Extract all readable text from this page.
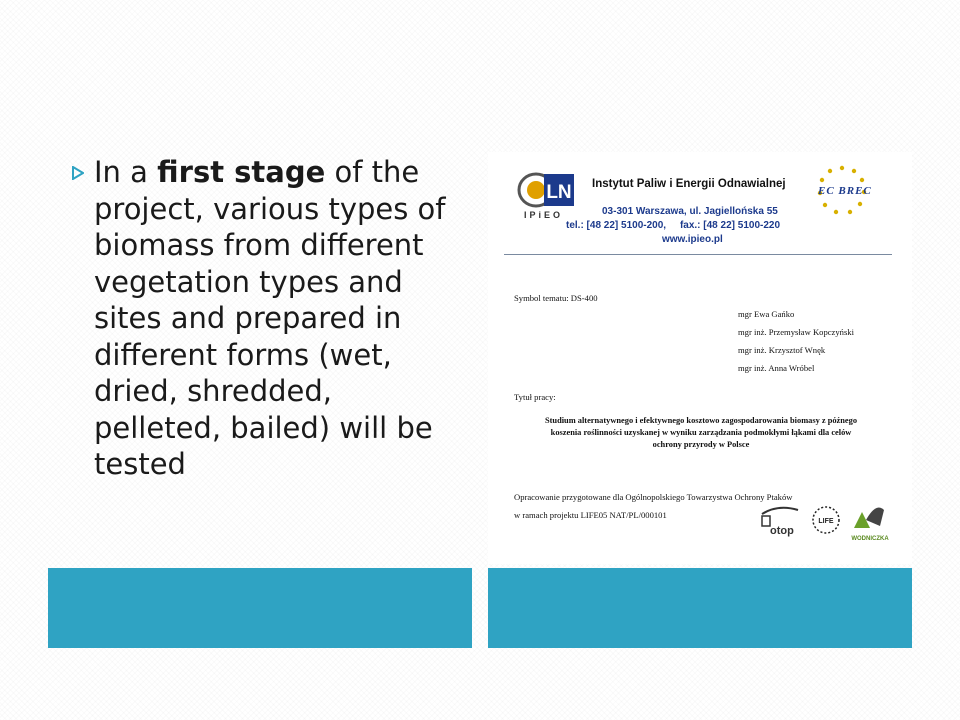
In a first stage of the project, various types of biomass from different vegetation types and sites and prepared in different forms (wet, dried, shredded, pelleted, bailed) will be tested

LN
IPiEO
Instytut Paliw i Energii Odnawialnej
03-301 Warszawa, ul. Jagiellońska 55
tel.: [48 22] 5100-200,     fax.: [48 22] 5100-220
www.ipieo.pl
EC BREC
Symbol tematu: DS-400
mgr Ewa Gańko
mgr inż. Przemysław Kopczyński
mgr inż. Krzysztof Wnęk
mgr inż. Anna Wróbel
Tytuł pracy:
Studium alternatywnego i efektywnego kosztowo zagospodarowania biomasy z późnego
koszenia roślinności uzyskanej w wyniku zarządzania podmokłymi łąkami dla celów
ochrony przyrody w Polsce
Opracowanie przygotowane dla Ogólnopolskiego Towarzystwa Ochrony Ptaków
w ramach projektu LIFE05 NAT/PL/000101
otop
LIFE
WODNICZKA
